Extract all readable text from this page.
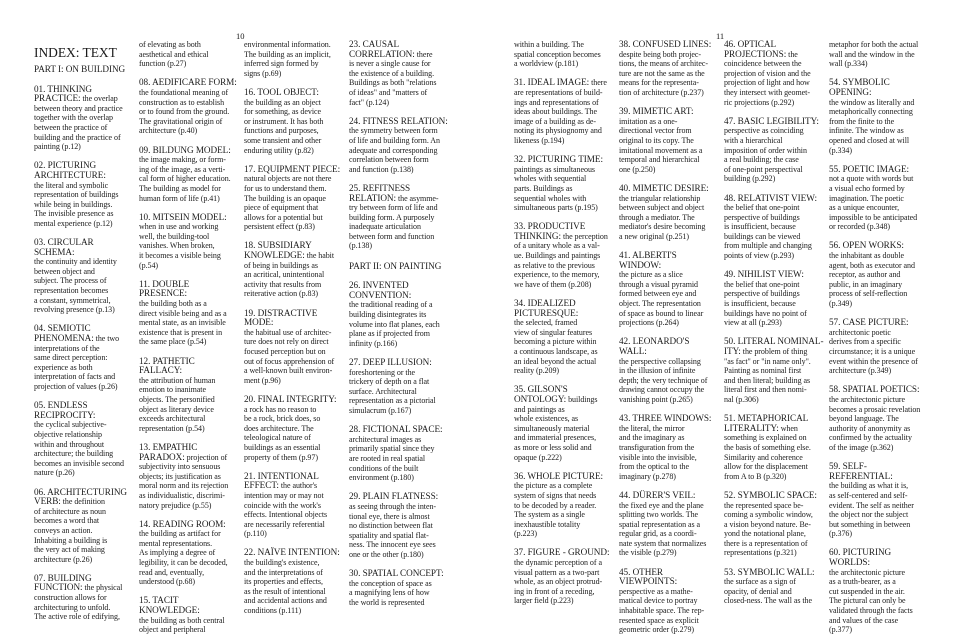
10	11
INDEX: TEXT
PART I: ON BUILDING
01. THINKING
PRACTICE: the overlap
between theory and practice
together with the overlap
between the practice of
building and the practice of
painting (p.12)
02. PICTURING
ARCHITECTURE:
the literal and symbolic
representation of buildings
while being in buildings.
The invisible presence as
mental experience (p.12)
03. CIRCULAR SCHEMA:
the continuity and identity
between object and
subject. The process of
representation becomes
a constant, symmetrical,
revolving presence (p.13)
04. SEMIOTIC
PHENOMENA: the two
interpretations of the
same direct perception:
experience as both
interpretation of facts and
projection of values (p.26)
05. ENDLESS
RECIPROCITY:
the cyclical subjective-
objective relationship
within and throughout
architecture; the building
becomes an invisible second
nature (p.26)
06. ARCHITECTURING
VERB: the definition
of architecture as noun
becomes a word that
conveys an action.
Inhabiting a building is
the very act of making
architecture (p.26)
07. BUILDING
FUNCTION: the physical
construction allows for
architecturing to unfold.
The active role of edifying,
of elevating as both
aesthetical and ethical
function (p.27)
08. AEDIFICARE FORM:
the foundational meaning of
construction as to establish
or to found from the ground.
The gravitational origin of
architecture (p.40)
09. BILDUNG MODEL:
the image making, or form-
ing of the image, as a verti-
cal form of higher education.
The building as model for
human form of life (p.41)
10. MITSEIN MODEL:
when in use and working
well, the building-tool
vanishes. When broken,
it becomes a visible being
(p.54)
11. DOUBLE PRESENCE:
the building both as a
direct visible being and as a
mental state, as an invisible
existence that is present in
the same place (p.54)
12. PATHETIC FALLACY:
the attribution of human
emotion to inanimate
objects. The personified
object as literary device
exceeds architectural
representation (p.54)
13. EMPATHIC
PARADOX: projection of
subjectivity into sensuous
objects; its justification as
moral norm and its rejection
as individualistic, discrimi-
natory prejudice (p.55)
14. READING ROOM:
the building as artifact for
mental representations.
As implying a degree of
legibility, it can be decoded,
read and, eventually,
understood (p.68)
15. TACIT KNOWLEDGE:
the building as both central
object and peripheral
environmental information.
The building as an implicit,
inferred sign formed by
signs (p.69)
16. TOOL OBJECT:
the building as an object
for something, as device
or instrument. It has both
functions and purposes,
some transient and other
enduring utility (p.82)
17. EQUIPMENT PIECE:
natural objects are not there
for us to understand them.
The building is an opaque
piece of equipment that
allows for a potential but
persistent effect (p.83)
18. SUBSIDIARY
KNOWLEDGE: the habit
of being in buildings as
an acritical, unintentional
activity that results from
reiterative action (p.83)
19. DISTRACTIVE MODE:
the habitual use of architec-
ture does not rely on direct
focused perception but on
out of focus apprehension of
a well-known built environ-
ment (p.96)
20. FINAL INTEGRITY:
a rock has no reason to
be a rock, brick does, so
does architecture. The
teleological nature of
buildings as an essential
property of them (p.97)
21. INTENTIONAL
EFFECT: the author's
intention may or may not
coincide with the work's
effects. Intentional objects
are necessarily referential
(p.110)
22. NAÏVE INTENTION:
the building's existence,
and the interpretations of
its properties and effects,
as the result of intentional
and accidental actions and
conditions (p.111)
23. CAUSAL
CORRELATION: there
is never a single cause for
the existence of a building.
Buildings as both "relations
of ideas" and "matters of
fact" (p.124)
24. FITNESS RELATION:
the symmetry between form
of life and building form. An
adequate and corresponding
correlation between form
and function (p.138)
25. REFITNESS
RELATION: the asymme-
try between form of life and
building form. A purposely
inadequate articulation
between form and function
(p.138)
PART II: ON PAINTING
26. INVENTED
CONVENTION:
the traditional reading of a
building disintegrates its
volume into flat planes, each
plane as if projected from
infinity (p.166)
27. DEEP ILLUSION:
foreshortening or the
trickery of depth on a flat
surface. Architectural
representation as a pictorial
simulacrum (p.167)
28. FICTIONAL SPACE:
architectural images as
primarily spatial since they
are rooted in real spatial
conditions of the built
environment (p.180)
29. PLAIN FLATNESS:
as seeing through the inten-
tional eye, there is almost
no distinction between flat
spatiality and spatial flat-
ness. The innocent eye sees
one or the other (p.180)
30. SPATIAL CONCEPT:
the conception of space as
a magnifying lens of how
the world is represented
within a building. The
spatial conception becomes
a worldview (p.181)
31. IDEAL IMAGE: there
are representations of build-
ings and representations of
ideas about buildings. The
image of a building as de-
noting its physiognomy and
likeness (p.194)
32. PICTURING TIME:
paintings as simultaneous
wholes with sequential
parts. Buildings as
sequential wholes with
simultaneous parts (p.195)
33. PRODUCTIVE
THINKING: the perception
of a unitary whole as a val-
ue. Buildings and paintings
as relative to the previous
experience, to the memory,
we have of them (p.208)
34. IDEALIZED
PICTURESQUE:
the selected, framed
view of singular features
becoming a picture within
a continuous landscape, as
an ideal beyond the actual
reality (p.209)
35. GILSON'S
ONTOLOGY: buildings
and paintings as
whole existences, as
simultaneously material
and immaterial presences,
as more or less solid and
opaque (p.222)
36. WHOLE PICTURE:
the picture as a complete
system of signs that needs
to be decoded by a reader.
The system as a single
inexhaustible totality
(p.223)
37. FIGURE - GROUND:
the dynamic perception of a
visual pattern as a two-part
whole, as an object protrud-
ing in front of a receding,
larger field (p.223)
38. CONFUSED LINES:
despite being both projec-
tions, the means of architec-
ture are not the same as the
means for the representa-
tion of architecture (p.237)
39. MIMETIC ART:
imitation as a one-
directional vector from
original to its copy. The
imitational movement as a
temporal and hierarchical
one (p.250)
40. MIMETIC DESIRE:
the triangular relationship
between subject and object
through a mediator. The
mediator's desire becoming
a new original (p.251)
41. ALBERTI'S WINDOW:
the picture as a slice
through a visual pyramid
formed between eye and
object. The representation
of space as bound to linear
projections (p.264)
42. LEONARDO'S WALL:
the perspective collapsing
in the illusion of infinite
depth; the very technique of
drawing cannot occupy the
vanishing point (p.265)
43. THREE WINDOWS:
the literal, the mirror
and the imaginary as
transfiguration from the
visible into the invisible,
from the optical to the
imaginary (p.278)
44. DÜRER'S VEIL:
the fixed eye and the plane
splitting two worlds. The
spatial representation as a
regular grid, as a coordi-
nate system that normalizes
the visible (p.279)
45. OTHER VIEWPOINTS:
perspective as a mathe-
matical device to portray
inhabitable space. The rep-
resented space as explicit
geometric order (p.279)
46. OPTICAL
PROJECTIONS: the
coincidence between the
projection of vision and the
projection of light and how
they intersect with geomet-
ric projections (p.292)
47. BASIC LEGIBILITY:
perspective as coinciding
with a hierarchical
imposition of order within
a real building; the case
of one-point perspectival
building (p.292)
48. RELATIVIST VIEW:
the belief that one-point
perspective of buildings
is insufficient, because
buildings can be viewed
from multiple and changing
points of view (p.293)
49. NIHILIST VIEW:
the belief that one-point
perspective of buildings
is insufficient, because
buildings have no point of
view at all (p.293)
50. LITERAL NOMINAL-
ITY: the problem of thing
"as fact" or "in name only".
Painting as nominal first
and then literal; building as
literal first and then nomi-
nal (p.306)
51. METAPHORICAL
LITERALITY: when
something is explained on
the basis of something else.
Similarity and coherence
allow for the displacement
from A to B (p.320)
52. SYMBOLIC SPACE:
the represented space be-
coming a symbolic window,
a vision beyond nature. Be-
yond the notational plane,
there is a representation of
representations (p.321)
53. SYMBOLIC WALL:
the surface as a sign of
opacity, of denial and
closed-ness. The wall as the
metaphor for both the actual
wall and the window in the
wall (p.334)
54. SYMBOLIC OPENING:
the window as literally and
metaphorically connecting
from the finite to the
infinite. The window as
opened and closed at will
(p.334)
55. POETIC IMAGE:
not a quote with words but
a visual echo formed by
imagination. The poetic
as a unique encounter,
impossible to be anticipated
or recorded (p.348)
56. OPEN WORKS:
the inhabitant as double
agent, both as executor and
receptor, as author and
public, in an imaginary
process of self-reflection
(p.349)
57. CASE PICTURE:
architectonic poetic
derives from a specific
circumstance; it is a unique
event within the presence of
architecture (p.349)
58. SPATIAL POETICS:
the architectonic picture
becomes a prosaic revelation
beyond language. The
authority of anonymity as
confirmed by the actuality
of the image (p.362)
59. SELF-REFERENTIAL:
the building as what it is,
as self-centered and self-
evident. The self as neither
the object nor the subject
but something in between
(p.376)
60. PICTURING WORLDS:
the architectonic picture
as a truth-bearer, as a
cut suspended in the air.
The pictural can only be
validated through the facts
and values of the case
(p.377)
